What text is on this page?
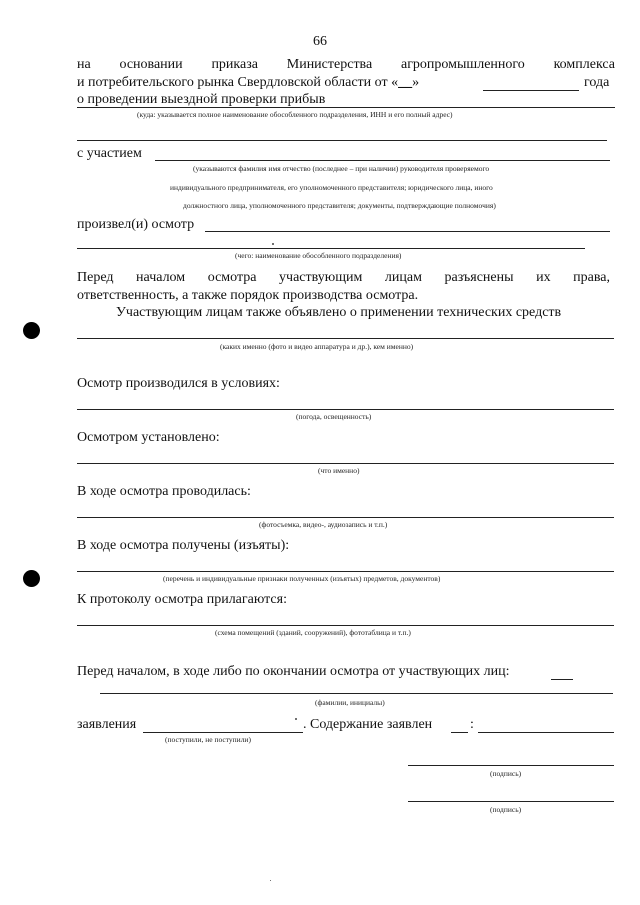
66
на основании приказа Министерства агропромышленного комплекса
и потребительского рынка Свердловской области от «__»	года
о проведении выездной проверки прибыв
(куда: указывается полное наименование обособленного подразделения, ИНН и его полный адрес)
с участием
(указываются фамилия имя отчество (последнее – при наличии) руководителя проверяемого
индивидуального предпринимателя, его уполномоченного представителя; юридического лица, иного
должностного лица, уполномоченного представителя; документы, подтверждающие полномочия)
произвел(и) осмотр
(чего: наименование обособленного подразделения)
Перед началом осмотра участвующим лицам разъяснены их права,
ответственность, а также порядок производства осмотра.
Участвующим лицам также объявлено о применении технических средств
(каких именно (фото и видео аппаратура и др.), кем именно)
Осмотр производился в условиях:
(погода, освещенность)
Осмотром установлено:
(что именно)
В ходе осмотра проводилась:
(фотосъемка, видео-, аудиозапись и т.п.)
В ходе осмотра получены (изъяты):
(перечень и индивидуальные признаки полученных (изъятых) предметов, документов)
К протоколу осмотра прилагаются:
(схема помещений (зданий, сооружений), фототаблица и т.п.)
Перед началом, в ходе либо по окончании осмотра от участвующих лиц:
(фамилии, инициалы)
заявления	. Содержание заявлен	:
(поступили, не поступили)
(подпись)
(подпись)
